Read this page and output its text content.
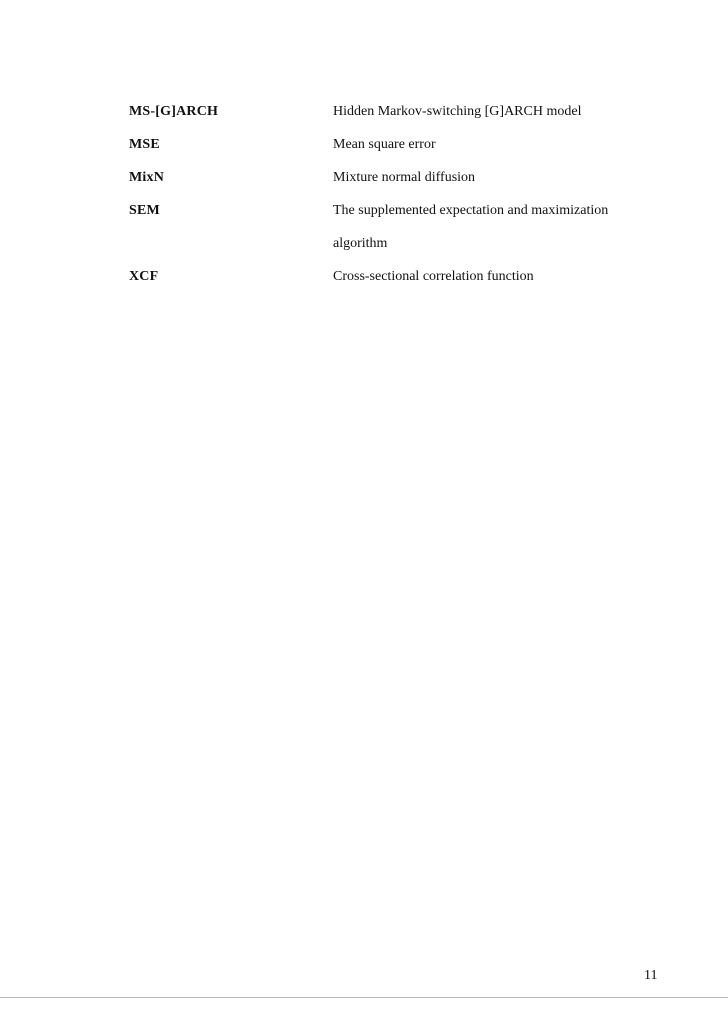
MS-[G]ARCH	Hidden Markov-switching [G]ARCH model
MSE	Mean square error
MixN	Mixture normal diffusion
SEM	The supplemented expectation and maximization
algorithm
XCF	Cross-sectional correlation function
11
